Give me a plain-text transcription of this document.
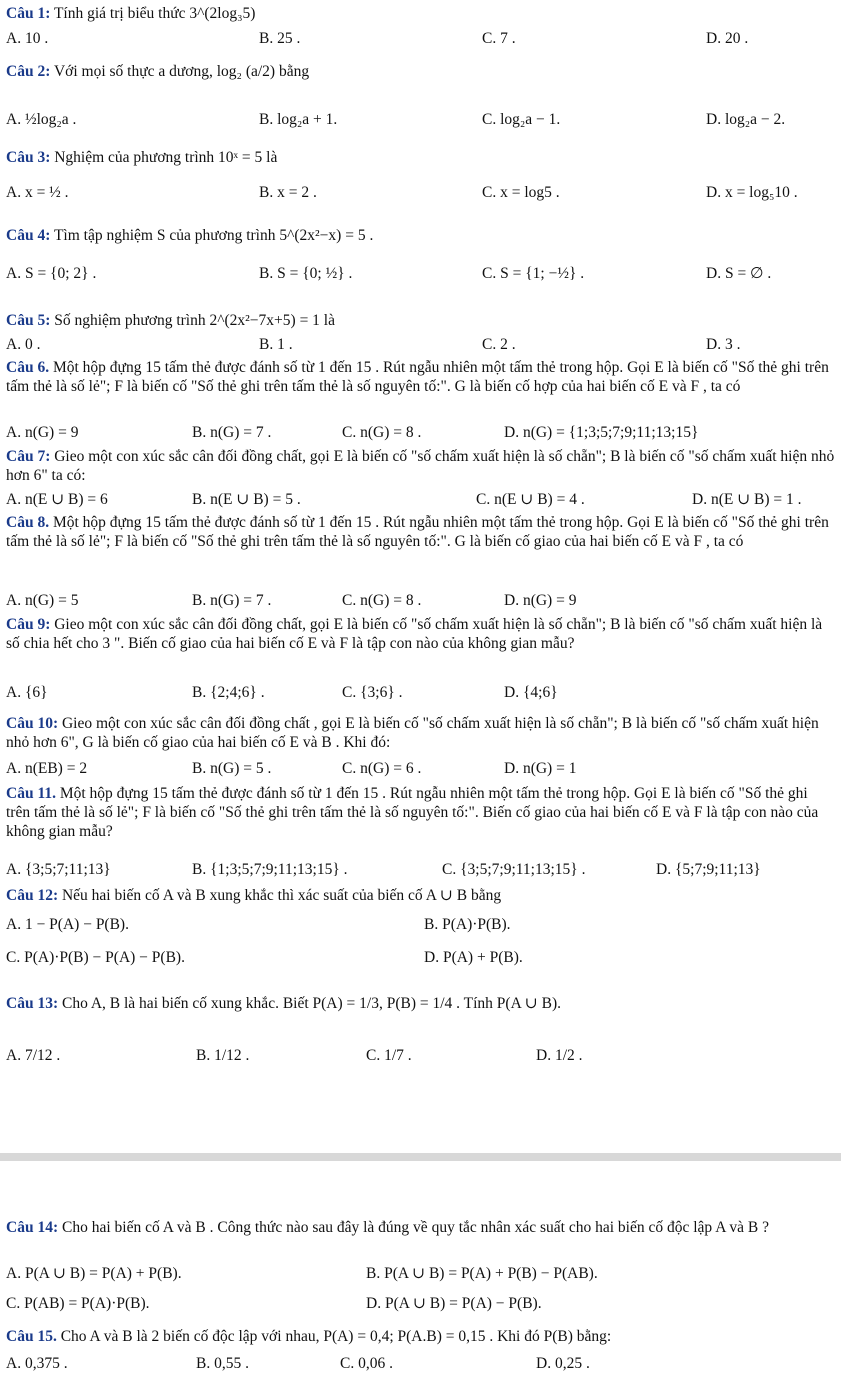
Câu 1: Tính giá trị biểu thức 3^(2log₃5)
A. 10 .	B. 25 .	C. 7 .	D. 20 .
Câu 2: Với mọi số thực a dương, log₂ (a/2) bằng
A. ½log₂a .	B. log₂a + 1.	C. log₂a − 1.	D. log₂a − 2.
Câu 3: Nghiệm của phương trình 10ˣ = 5 là
A. x = ½ .	B. x = 2 .	C. x = log5 .	D. x = log₅10 .
Câu 4: Tìm tập nghiệm S của phương trình 5^(2x²−x) = 5 .
A. S = {0; 2} .	B. S = {0; ½} .	C. S = {1; −½} .	D. S = ∅ .
Câu 5: Số nghiệm phương trình 2^(2x²−7x+5) = 1 là
A. 0 .	B. 1 .	C. 2 .	D. 3 .
Câu 6. Một hộp đựng 15 tấm thẻ được đánh số từ 1 đến 15 . Rút ngẫu nhiên một tấm thẻ trong hộp. Gọi E là biến cố "Số thẻ ghi trên tấm thẻ là số lẻ"; F là biến cố "Số thẻ ghi trên tấm thẻ là số nguyên tố:". G là biến cố hợp của hai biến cố E và F , ta có
A. n(G) = 9	B. n(G) = 7 .	C. n(G) = 8 .	D. n(G) = {1;3;5;7;9;11;13;15}
Câu 7: Gieo một con xúc sắc cân đối đồng chất, gọi E là biến cố "số chấm xuất hiện là số chẵn"; B là biến cố "số chấm xuất hiện nhỏ hơn 6" ta có:
A. n(E ∪ B) = 6	B. n(E ∪ B) = 5 .	C. n(E ∪ B) = 4 .	D. n(E ∪ B) = 1 .
Câu 8. Một hộp đựng 15 tấm thẻ được đánh số từ 1 đến 15 . Rút ngẫu nhiên một tấm thẻ trong hộp. Gọi E là biến cố "Số thẻ ghi trên tấm thẻ là số lẻ"; F là biến cố "Số thẻ ghi trên tấm thẻ là số nguyên tố:". G là biến cố giao của hai biến cố E và F , ta có
A. n(G) = 5	B. n(G) = 7 .	C. n(G) = 8 .	D. n(G) = 9
Câu 9: Gieo một con xúc sắc cân đối đồng chất, gọi E là biến cố "số chấm xuất hiện là số chẵn"; B là biến cố "số chấm xuất hiện là số chia hết cho 3 ". Biến cố giao của hai biến cố E và F là tập con nào của không gian mẫu?
A. {6}	B. {2;4;6} .	C. {3;6} .	D. {4;6}
Câu 10: Gieo một con xúc sắc cân đối đồng chất , gọi E là biến cố "số chấm xuất hiện là số chẵn"; B là biến cố "số chấm xuất hiện nhỏ hơn 6", G là biến cố giao của hai biến cố E và B . Khi đó:
A. n(EB) = 2	B. n(G) = 5 .	C. n(G) = 6 .	D. n(G) = 1
Câu 11. Một hộp đựng 15 tấm thẻ được đánh số từ 1 đến 15 . Rút ngẫu nhiên một tấm thẻ trong hộp. Gọi E là biến cố "Số thẻ ghi trên tấm thẻ là số lẻ"; F là biến cố "Số thẻ ghi trên tấm thẻ là số nguyên tố:". Biến cố giao của hai biến cố E và F là tập con nào của không gian mẫu?
A. {3;5;7;11;13}	B. {1;3;5;7;9;11;13;15} .	C. {3;5;7;9;11;13;15} .	D. {5;7;9;11;13}
Câu 12: Nếu hai biến cố A và B xung khắc thì xác suất của biến cố A ∪ B bằng
A. 1 − P(A) − P(B).	B. P(A)·P(B).
C. P(A)·P(B) − P(A) − P(B).	D. P(A) + P(B).
Câu 13: Cho A, B là hai biến cố xung khắc. Biết P(A) = 1/3, P(B) = 1/4 . Tính P(A ∪ B).
A. 7/12 .	B. 1/12 .	C. 1/7 .	D. 1/2 .
Câu 14: Cho hai biến cố A và B . Công thức nào sau đây là đúng về quy tắc nhân xác suất cho hai biến cố độc lập A và B ?
A. P(A ∪ B) = P(A) + P(B).	B. P(A ∪ B) = P(A) + P(B) − P(AB).
C. P(AB) = P(A)·P(B).	D. P(A ∪ B) = P(A) − P(B).
Câu 15. Cho A và B là 2 biến cố độc lập với nhau, P(A) = 0,4; P(A.B) = 0,15 . Khi đó P(B) bằng:
A. 0,375 .	B. 0,55 .	C. 0,06 .	D. 0,25 .
